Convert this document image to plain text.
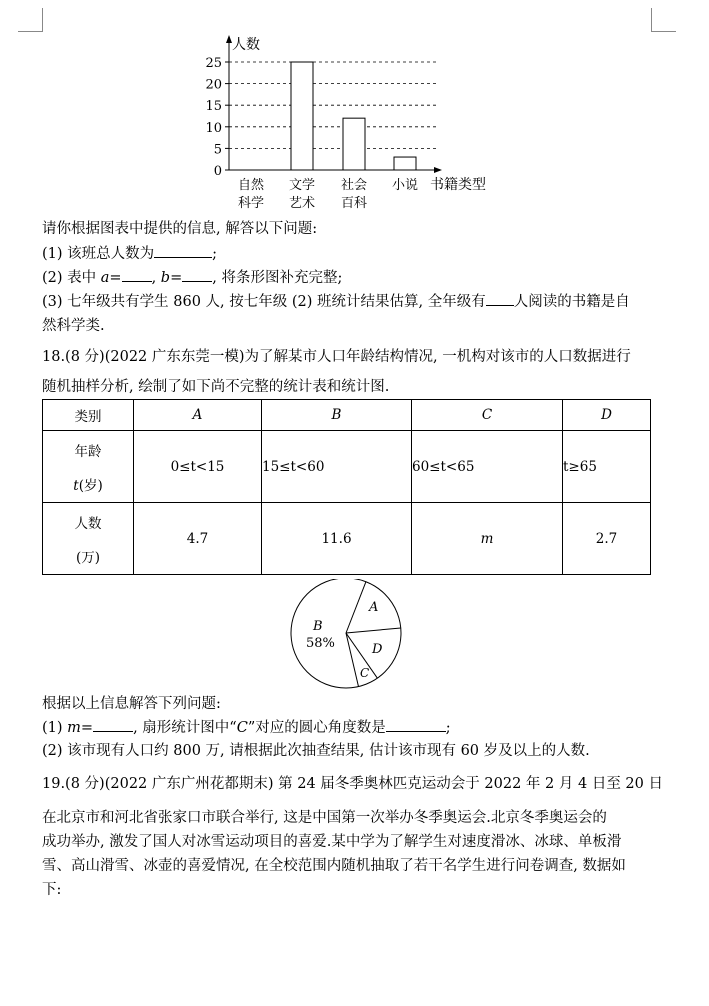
人数
书籍类型
0
5
10
15
20
25
自然
科学
文学
艺术
社会
百科
小说
请你根据图表中提供的信息, 解答以下问题:
(1) 该班总人数为	;
(2) 表中 a= , b= , 将条形图补充完整;
(3) 七年级共有学生 860 人, 按七年级 (2) 班统计结果估算, 全年级有 人阅读的书籍是自
然科学类.
18.(8 分)(2022 广东东莞一模)为了解某市人口年龄结构情况, 一机构对该市的人口数据进行
随机抽样分析, 绘制了如下尚不完整的统计表和统计图.
类别	A	B	C	D

年龄
t(岁)	0≤t<15	15≤t<60	60≤t<65	t≥65

人数
(万)	4.7	11.6	m	2.7
A
B
58%	D
C
根据以上信息解答下列问题:
(1) m=	, 扇形统计图中“C”对应的圆心角度数是	;
(2) 该市现有人口约 800 万, 请根据此次抽查结果, 估计该市现有 60 岁及以上的人数.
19.(8 分)(2022 广东广州花都期末) 第 24 届冬季奥林匹克运动会于 2022 年 2 月 4 日至 20 日
在北京市和河北省张家口市联合举行, 这是中国第一次举办冬季奥运会.北京冬季奥运会的
成功举办, 激发了国人对冰雪运动项目的喜爱.某中学为了解学生对速度滑冰、冰球、单板滑
雪、高山滑雪、冰壶的喜爱情况, 在全校范围内随机抽取了若干名学生进行问卷调查, 数据如
下:
